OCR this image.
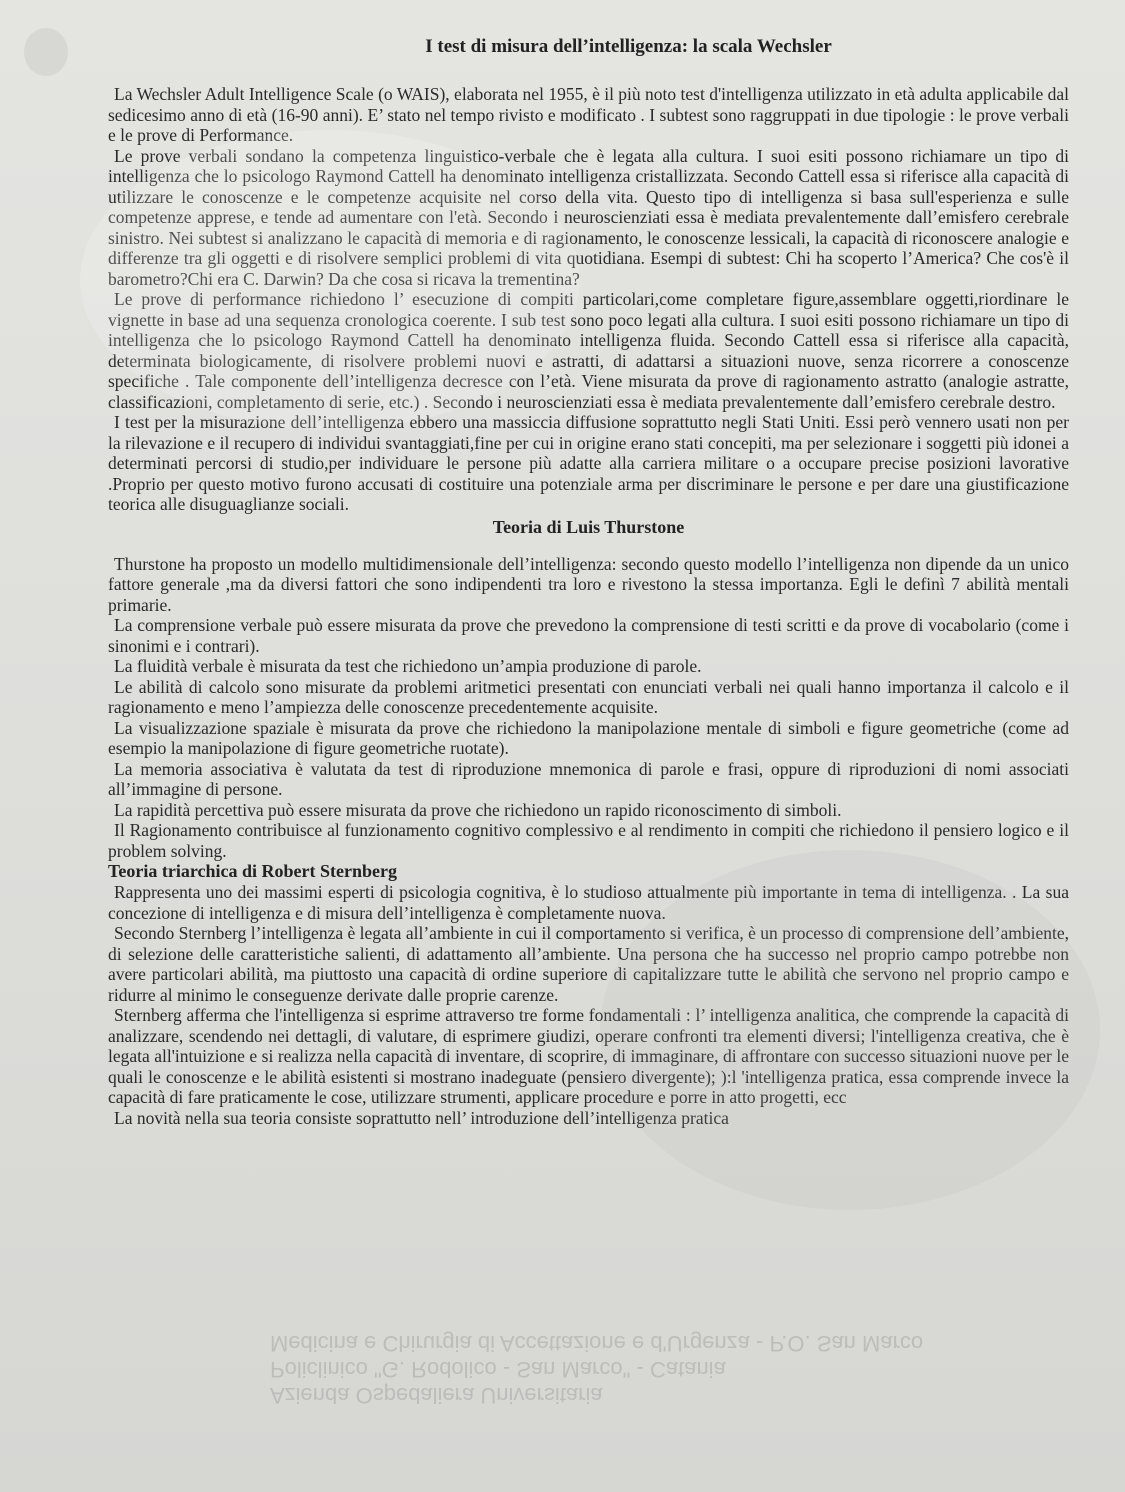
I test di misura dell’intelligenza: la scala Wechsler

La Wechsler Adult Intelligence Scale (o WAIS), elaborata nel 1955, è il più noto test d'intelligenza utilizzato in età adulta applicabile dal sedicesimo anno di età (16-90 anni). E’ stato nel tempo rivisto e modificato . I subtest sono raggruppati in due tipologie : le prove verbali e le prove di Performance.

Le prove verbali sondano la competenza linguistico-verbale che è legata alla cultura. I suoi esiti possono richiamare un tipo di intelligenza che lo psicologo Raymond Cattell ha denominato intelligenza cristallizzata. Secondo Cattell essa si riferisce alla capacità di utilizzare le conoscenze e le competenze acquisite nel corso della vita. Questo tipo di intelligenza si basa sull'esperienza e sulle competenze apprese, e tende ad aumentare con l'età. Secondo i neuroscienziati essa è mediata prevalentemente dall’emisfero cerebrale sinistro. Nei subtest si analizzano le capacità di memoria e di ragionamento, le conoscenze lessicali, la capacità di riconoscere analogie e differenze tra gli oggetti e di risolvere semplici problemi di vita quotidiana. Esempi di subtest: Chi ha scoperto l’America? Che cos'è il barometro?Chi era C. Darwin? Da che cosa si ricava la trementina?

Le prove di performance richiedono l’ esecuzione di compiti particolari,come completare figure,assemblare oggetti,riordinare le vignette in base ad una sequenza cronologica coerente. I sub test sono poco legati alla cultura. I suoi esiti possono richiamare un tipo di intelligenza che lo psicologo Raymond Cattell ha denominato intelligenza fluida. Secondo Cattell essa si riferisce alla capacità, determinata biologicamente, di risolvere problemi nuovi e astratti, di adattarsi a situazioni nuove, senza ricorrere a conoscenze specifiche . Tale componente dell’intelligenza decresce con l’età. Viene misurata da prove di ragionamento astratto (analogie astratte, classificazioni, completamento di serie, etc.) . Secondo i neuroscienziati essa è mediata prevalentemente dall’emisfero cerebrale destro.

I test per la misurazione dell’intelligenza ebbero una massiccia diffusione soprattutto negli Stati Uniti. Essi però vennero usati non per la rilevazione e il recupero di individui svantaggiati,fine per cui in origine erano stati concepiti, ma per selezionare i soggetti più idonei a determinati percorsi di studio,per individuare le persone più adatte alla carriera militare o a occupare precise posizioni lavorative .Proprio per questo motivo furono accusati di costituire una potenziale arma per discriminare le persone e per dare una giustificazione teorica alle disuguaglianze sociali.

Teoria di Luis Thurstone

Thurstone ha proposto un modello multidimensionale dell’intelligenza: secondo questo modello l’intelligenza non dipende da un unico fattore generale ,ma da diversi fattori che sono indipendenti tra loro e rivestono la stessa importanza. Egli le definì 7 abilità mentali primarie.

La comprensione verbale può essere misurata da prove che prevedono la comprensione di testi scritti e da prove di vocabolario (come i sinonimi e i contrari).

La fluidità verbale è misurata da test che richiedono un’ampia produzione di parole.

Le abilità di calcolo sono misurate da problemi aritmetici presentati con enunciati verbali nei quali hanno importanza il calcolo e il ragionamento e meno l’ampiezza delle conoscenze precedentemente acquisite.

La visualizzazione spaziale è misurata da prove che richiedono la manipolazione mentale di simboli e figure geometriche (come ad esempio la manipolazione di figure geometriche ruotate).

La memoria associativa è valutata da test di riproduzione mnemonica di parole e frasi, oppure di riproduzioni di nomi associati all’immagine di persone.

La rapidità percettiva può essere misurata da prove che richiedono un rapido riconoscimento di simboli.

Il Ragionamento contribuisce al funzionamento cognitivo complessivo e al rendimento in compiti che richiedono il pensiero logico e il problem solving.

Teoria triarchica di Robert Sternberg

Rappresenta uno dei massimi esperti di psicologia cognitiva, è lo studioso attualmente più importante in tema di intelligenza. . La sua concezione di intelligenza e di misura dell’intelligenza è completamente nuova.

Secondo Sternberg l’intelligenza è legata all’ambiente in cui il comportamento si verifica, è un processo di comprensione dell’ambiente, di selezione delle caratteristiche salienti, di adattamento all’ambiente. Una persona che ha successo nel proprio campo potrebbe non avere particolari abilità, ma piuttosto una capacità di ordine superiore di capitalizzare tutte le abilità che servono nel proprio campo e ridurre al minimo le conseguenze derivate dalle proprie carenze.

Sternberg afferma che l'intelligenza si esprime attraverso tre forme fondamentali : l’ intelligenza analitica, che comprende la capacità di analizzare, scendendo nei dettagli, di valutare, di esprimere giudizi, operare confronti tra elementi diversi; l'intelligenza creativa, che è legata all'intuizione e si realizza nella capacità di inventare, di scoprire, di immaginare, di affrontare con successo situazioni nuove per le quali le conoscenze e le abilità esistenti si mostrano inadeguate (pensiero divergente); ):l 'intelligenza pratica, essa comprende invece la capacità di fare praticamente le cose, utilizzare strumenti, applicare procedure e porre in atto progetti, ecc

La novità nella sua teoria consiste soprattutto nell’ introduzione dell’intelligenza pratica

Azienda Ospedaliera Universitaria
Policlinico "G. Rodolico - San Marco" - Catania
Medicina e Chirurgia di Accettazione e d'Urgenza - P.O. San Marco
